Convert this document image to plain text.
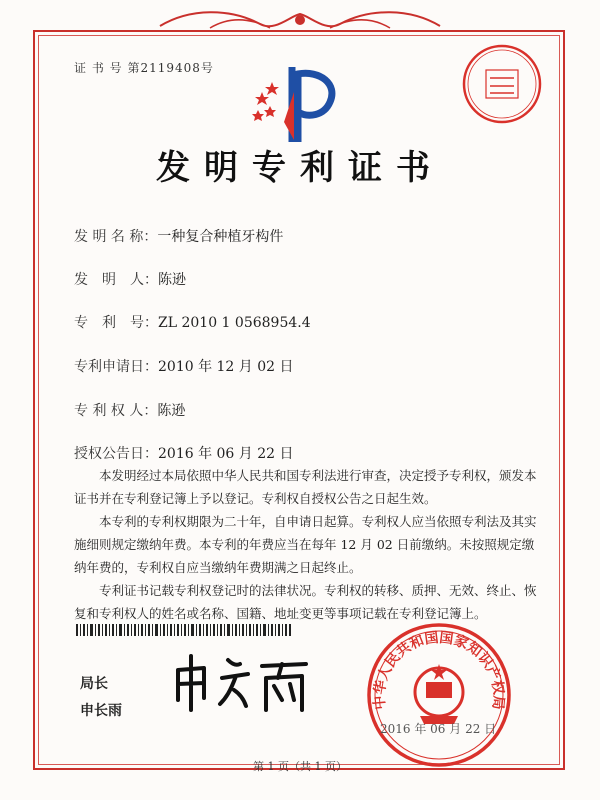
证 书 号 第2119408号
发明专利证书
发 明 名 称：一种复合种植牙构件
发　明　人：陈逊
专　利　号：ZL 2010 1 0568954.4
专利申请日：2010 年 12 月 02 日
专 利 权 人：陈逊
授权公告日：2016 年 06 月 22 日

本发明经过本局依照中华人民共和国专利法进行审查，决定授予专利权，颁发本证书并在专利登记簿上予以登记。专利权自授权公告之日起生效。

本专利的专利权期限为二十年，自申请日起算。专利权人应当依照专利法及其实施细则规定缴纳年费。本专利的年费应当在每年 12 月 02 日前缴纳。未按照规定缴纳年费的，专利权自应当缴纳年费期满之日起终止。

专利证书记载专利权登记时的法律状况。专利权的转移、质押、无效、终止、恢复和专利权人的姓名或名称、国籍、地址变更等事项记载在专利登记簿上。

局长
申长雨
中华人民共和国国家知识产权局
2016 年 06 月 22 日
第 1 页（共 1 页）
